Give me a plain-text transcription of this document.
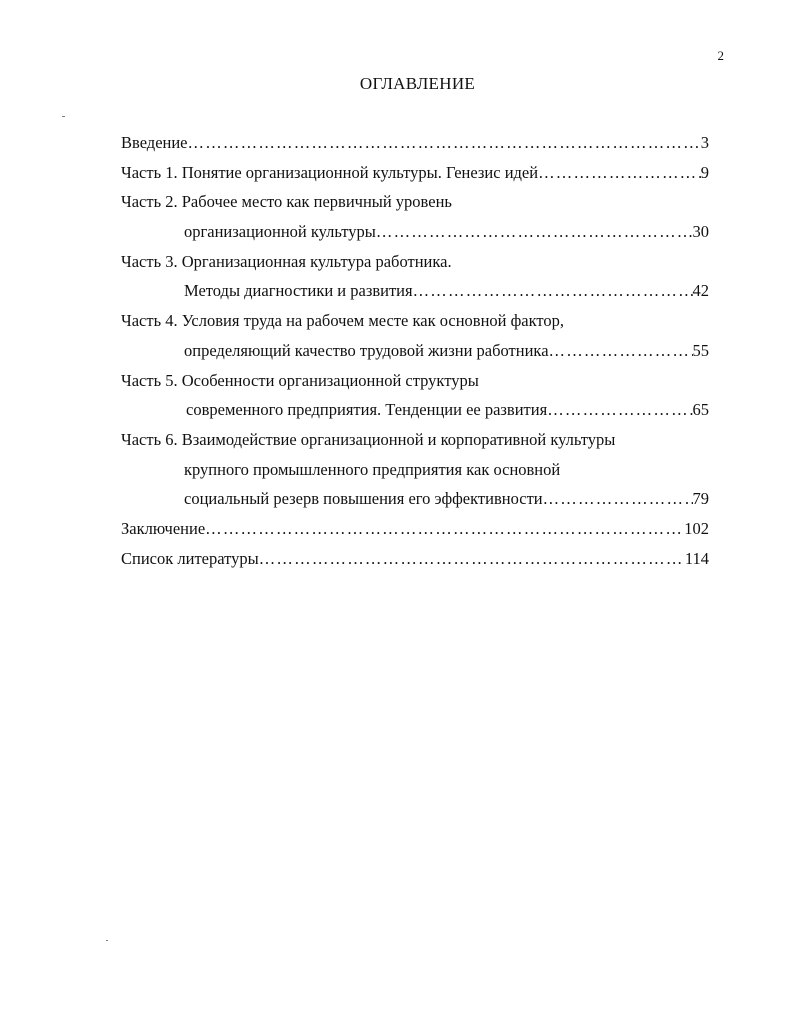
2
ОГЛАВЛЕНИЕ
Введение ……………………………………………………………………………………………………………………………………	3
Часть 1. Понятие организационной культуры. Генезис идей ……………………………………………………………………………………………………………………………………	9
Часть 2. Рабочее место как первичный уровень
организационной культуры ……………………………………………………………………………………………………………………………………	30
Часть 3. Организационная культура работника.
Методы диагностики и развития ……………………………………………………………………………………………………………………………………	42
Часть 4. Условия труда на рабочем месте как основной фактор,
определяющий качество трудовой жизни работника ……………………………………………………………………………………………………………………………………	55
Часть 5. Особенности организационной структуры
современного предприятия. Тенденции ее развития ……………………………………………………………………………………………………………………………………	65
Часть 6. Взаимодействие организационной и корпоративной культуры
крупного промышленного предприятия как основной
социальный резерв повышения его эффективности ……………………………………………………………………………………………………………………………………	79
Заключение ……………………………………………………………………………………………………………………………………	102
Список литературы ……………………………………………………………………………………………………………………………………	114
